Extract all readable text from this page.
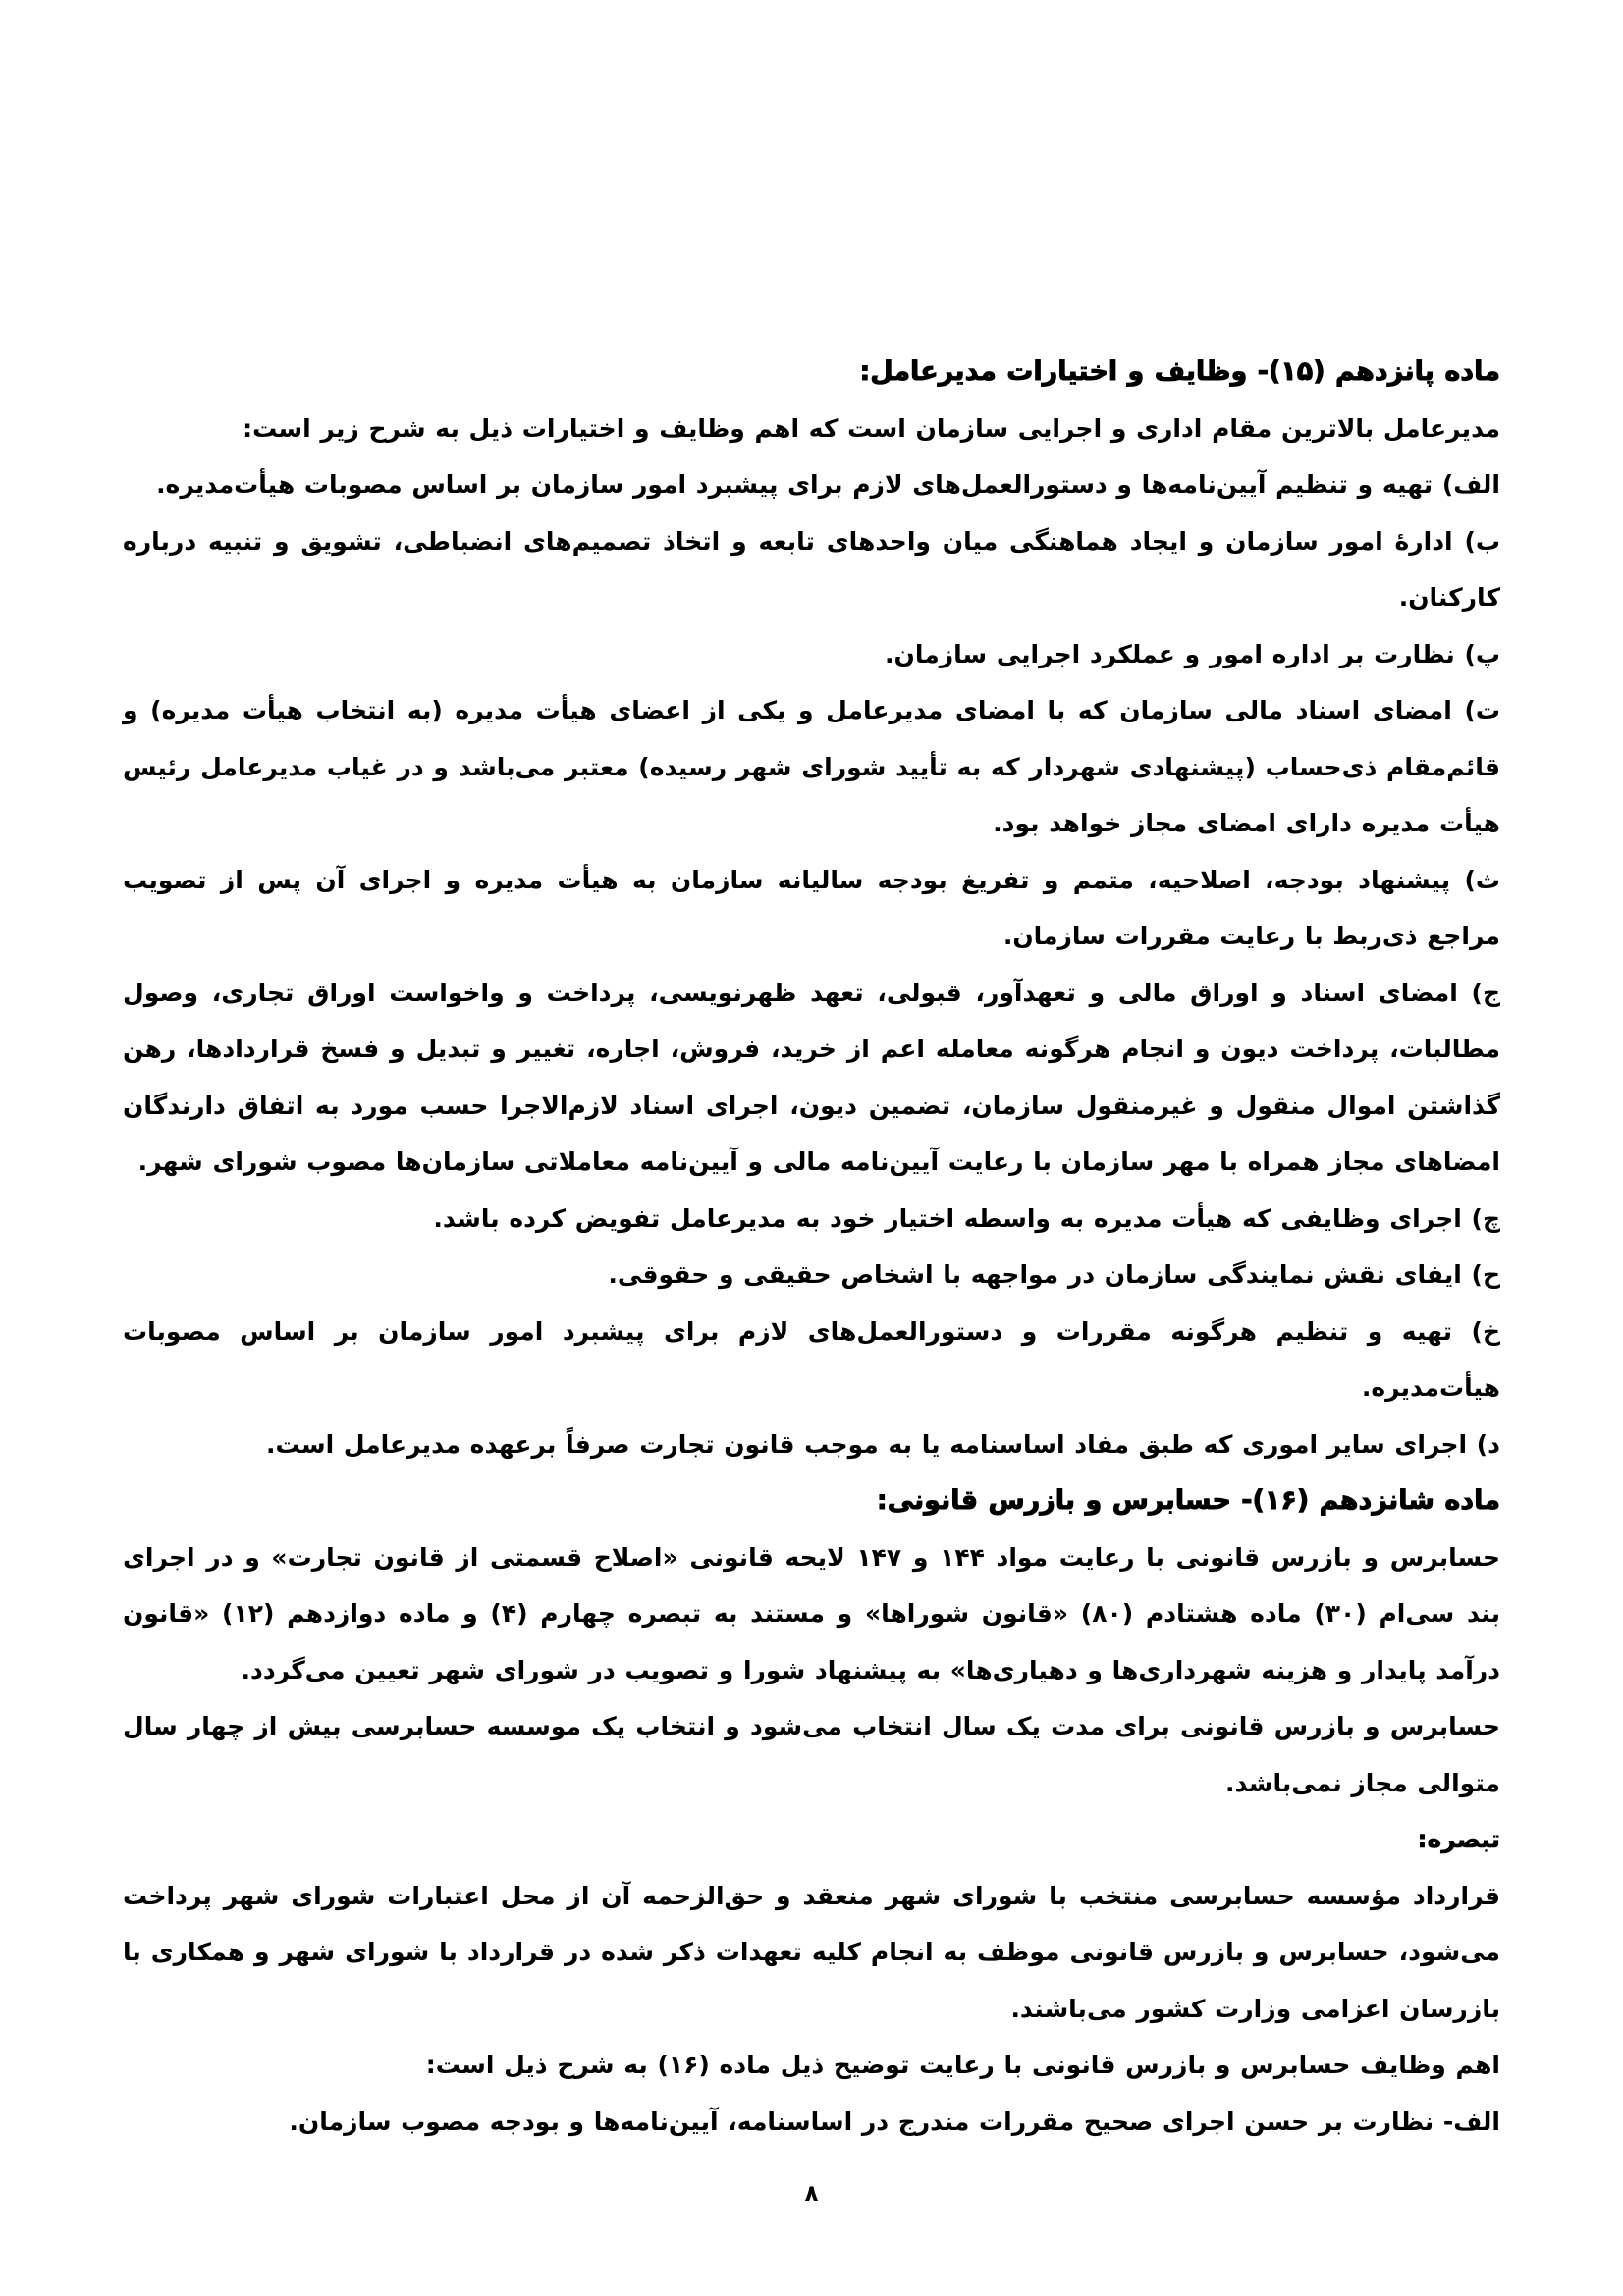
ماده پانزدهم (۱۵)- وظایف و اختیارات مدیرعامل:

مدیرعامل بالاترین مقام اداری و اجرایی سازمان است که اهم وظایف و اختیارات ذیل به شرح زیر است:

الف) تهیه و تنظیم آیین‌نامه‌ها و دستورالعمل‌های لازم برای پیشبرد امور سازمان بر اساس مصوبات هیأت‌مدیره.

ب) ادارۀ امور سازمان و ایجاد هماهنگی میان واحدهای تابعه و اتخاذ تصمیم‌های انضباطی، تشویق و تنبیه درباره کارکنان.

پ) نظارت بر اداره امور و عملکرد اجرایی سازمان.

ت) امضای اسناد مالی سازمان که با امضای مدیرعامل و یکی از اعضای هیأت مدیره (به انتخاب هیأت مدیره) و قائم‌مقام ذی‌حساب (پیشنهادی شهردار که به تأیید شورای شهر رسیده) معتبر می‌باشد و در غیاب مدیرعامل رئیس هیأت مدیره دارای امضای مجاز خواهد بود.

ث) پیشنهاد بودجه، اصلاحیه، متمم و تفریغ بودجه سالیانه سازمان به هیأت مدیره و اجرای آن پس از تصویب مراجع ذی‌ربط با رعایت مقررات سازمان.

ج) امضای اسناد و اوراق مالی و تعهدآور، قبولی، تعهد ظهرنویسی، پرداخت و واخواست اوراق تجاری، وصول مطالبات، پرداخت دیون و انجام هرگونه معامله اعم از خرید، فروش، اجاره، تغییر و تبدیل و فسخ قراردادها، رهن گذاشتن اموال منقول و غیرمنقول سازمان، تضمین دیون، اجرای اسناد لازم‌الاجرا حسب مورد به اتفاق دارندگان امضاهای مجاز همراه با مهر سازمان با رعایت آیین‌نامه مالی و آیین‌نامه معاملاتی سازمان‌ها مصوب شورای شهر.

چ) اجرای وظایفی که هیأت مدیره به واسطه اختیار خود به مدیرعامل تفویض کرده باشد.

ح) ایفای نقش نمایندگی سازمان در مواجهه با اشخاص حقیقی و حقوقی.

خ) تهیه و تنظیم هرگونه مقررات و دستورالعمل‌های لازم برای پیشبرد امور سازمان بر اساس مصوبات هیأت‌مدیره.

د) اجرای سایر اموری که طبق مفاد اساسنامه یا به موجب قانون تجارت صرفاً برعهده مدیرعامل است.

ماده شانزدهم (۱۶)- حسابرس و بازرس قانونی:

حسابرس و بازرس قانونی با رعایت مواد ۱۴۴ و ۱۴۷ لایحه قانونی «اصلاح قسمتی از قانون تجارت» و در اجرای بند سی‌ام (۳۰) ماده هشتادم (۸۰) «قانون شوراها» و مستند به تبصره چهارم (۴) و ماده دوازدهم (۱۲) «قانون درآمد پایدار و هزینه شهرداری‌ها و دهیاری‌ها» به پیشنهاد شورا و تصویب در شورای شهر تعیین می‌گردد.

حسابرس و بازرس قانونی برای مدت یک سال انتخاب می‌شود و انتخاب یک موسسه حسابرسی بیش از چهار سال متوالی مجاز نمی‌باشد.

تبصره:

قرارداد مؤسسه حسابرسی منتخب با شورای شهر منعقد و حق‌الزحمه آن از محل اعتبارات شورای شهر پرداخت می‌شود، حسابرس و بازرس قانونی موظف به انجام کلیه تعهدات ذکر شده در قرارداد با شورای شهر و همکاری با بازرسان اعزامی وزارت کشور می‌باشند.

اهم وظایف حسابرس و بازرس قانونی با رعایت توضیح ذیل ماده (۱۶) به شرح ذیل است:

الف- نظارت بر حسن اجرای صحیح مقررات مندرج در اساسنامه، آیین‌نامه‌ها و بودجه مصوب سازمان.

۸
